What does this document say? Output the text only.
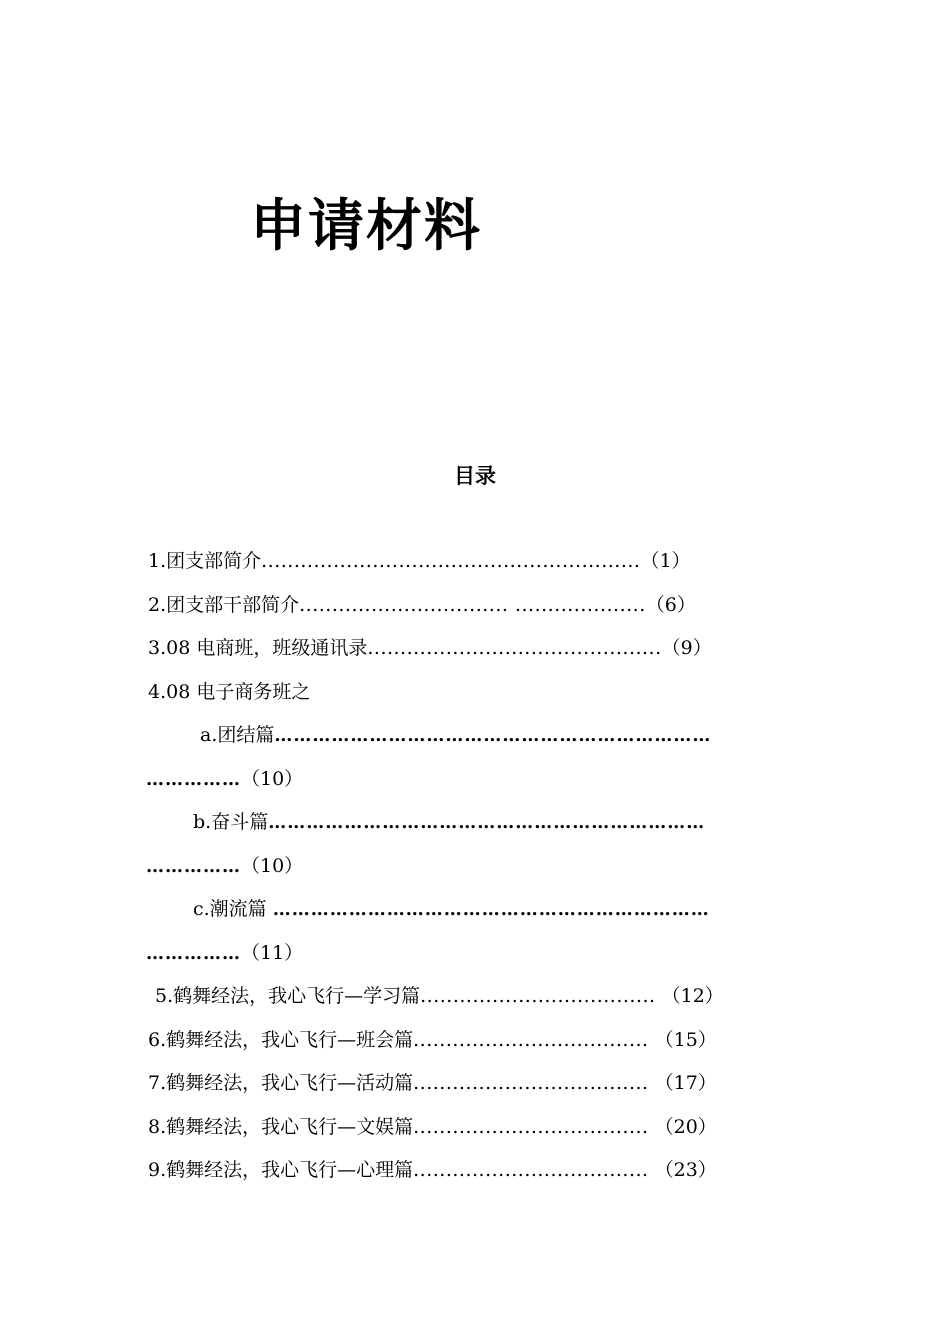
申请材料
目录
1.团支部简介..........................................................（1）
2.团支部干部简介................................ ....................（6）
3.08 电商班，班级通讯录.............................................（9）
4.08 电子商务班之
a.团结篇……………………………………………………………
……………（10）
b.奋斗篇……………………………………………………………
……………（10）
c.潮流篇 ……………………………………………………………
……………（11）
5.鹤舞经法，我心飞行—学习篇.................................... （12）
6.鹤舞经法，我心飞行—班会篇.................................... （15）
7.鹤舞经法，我心飞行—活动篇.................................... （17）
8.鹤舞经法，我心飞行—文娱篇.................................... （20）
9.鹤舞经法，我心飞行—心理篇.................................... （23）
